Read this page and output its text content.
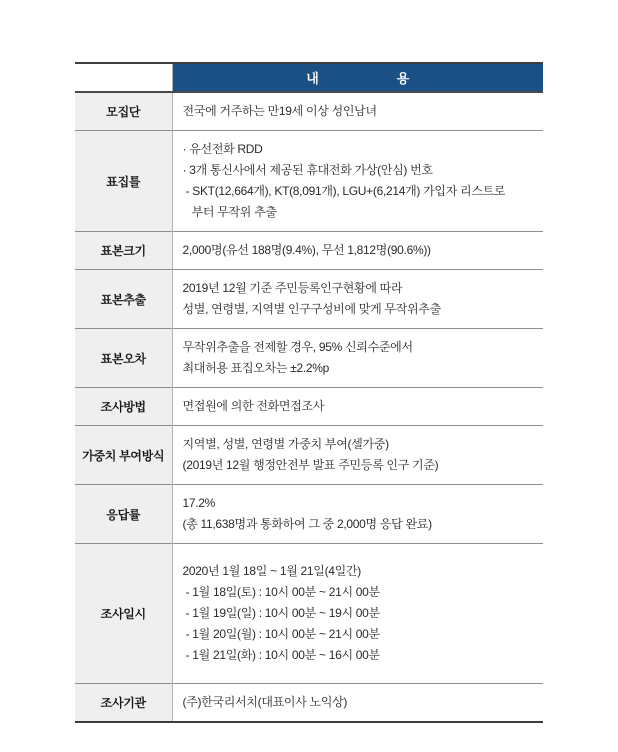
	내　　　　　　용
모집단	전국에 거주하는 만19세 이상 성인남녀

표집틀	· 유선전화 RDD
· 3개 통신사에서 제공된 휴대전화 가상(안심) 번호
- SKT(12,664개), KT(8,091개), LGU+(6,214개) 가입자 리스트로
부터 무작위 추출

표본크기	2,000명(유선 188명(9.4%), 무선 1,812명(90.6%))

표본추출	2019년 12월 기준 주민등록인구현황에 따라
성별, 연령별, 지역별 인구구성비에 맞게 무작위추출

표본오차	무작위추출을 전제할 경우, 95% 신뢰수준에서
최대허용 표집오차는 ±2.2%p

조사방법	면접원에 의한 전화면접조사

가중치 부여방식	지역별, 성별, 연령별 가중치 부여(셀가중)
(2019년 12월 행정안전부 발표 주민등록 인구 기준)

응답률	17.2%
(총 11,638명과 통화하여 그 중 2,000명 응답 완료)

조사일시	2020년 1월 18일 ~ 1월 21일(4일간)
- 1월 18일(토) : 10시 00분 ~ 21시 00분
- 1월 19일(일) : 10시 00분 ~ 19시 00분
- 1월 20일(월) : 10시 00분 ~ 21시 00분
- 1월 21일(화) : 10시 00분 ~ 16시 00분

조사기관	(주)한국리서치(대표이사 노익상)
